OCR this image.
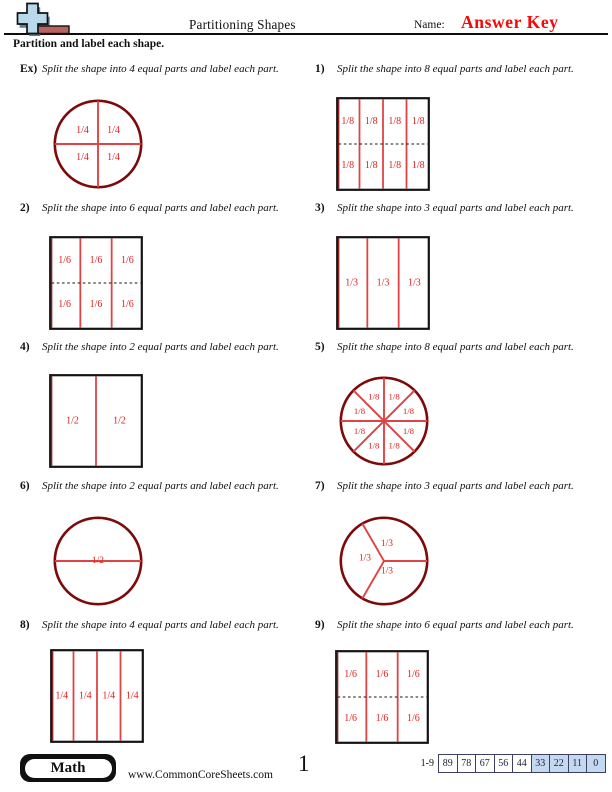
Partitioning Shapes	Name: Answer Key
Partition and label each shape.
Ex) Split the shape into 4 equal parts and label each part.
1/4 1/4
1/4 1/4
1) Split the shape into 8 equal parts and label each part.
1/8
1/8
1/8
1/8
1/8
1/8
1/8
1/8
2) Split the shape into 6 equal parts and label each part.
1/6
1/6
1/6
1/6
1/6
1/6
3) Split the shape into 3 equal parts and label each part.
1/3 1/3 1/3
4) Split the shape into 2 equal parts and label each part.
1/2	1/2
5) Split the shape into 8 equal parts and label each part.
1/8 1/8
1/8	1/8
1/8	1/8
1/8 1/8
6) Split the shape into 2 equal parts and label each part.
1/2
7) Split the shape into 3 equal parts and label each part.
1/3
1/3
1/3
8) Split the shape into 4 equal parts and label each part.
1/4 1/4 1/4 1/4
9) Split the shape into 6 equal parts and label each part.
1/6
1/6
1/6
1/6
1/6
1/6
Math	www.CommonCoreSheets.com 1	1-9 89 78 67 56 44 33 22 11	0
